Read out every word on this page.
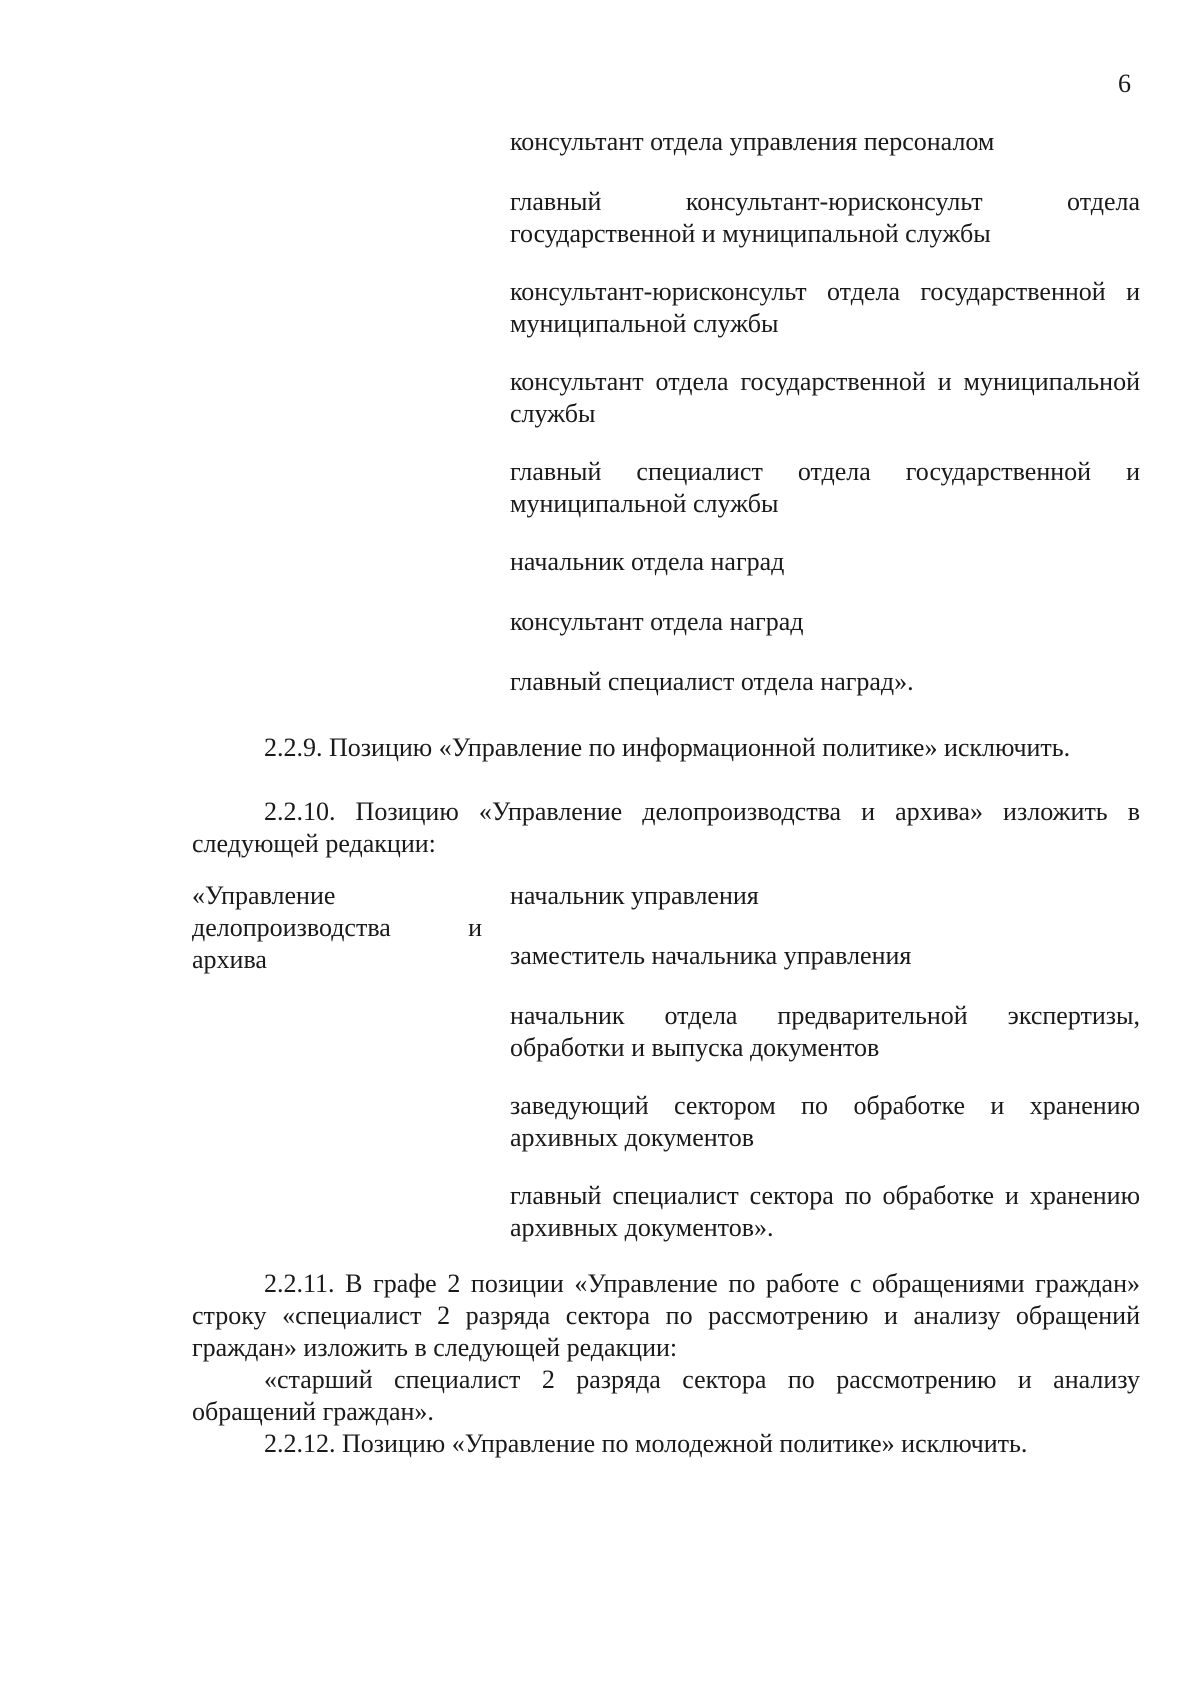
6
консультант отдела управления персоналом
главный консультант-юрисконсульт отдела государственной и муниципальной службы
консультант-юрисконсульт отдела государственной и муниципальной службы
консультант отдела государственной и муниципальной службы
главный специалист отдела государственной и муниципальной службы
начальник отдела наград
консультант отдела наград
главный специалист отдела наград».
2.2.9. Позицию «Управление по информационной политике» исключить.
2.2.10. Позицию «Управление делопроизводства и архива» изложить в следующей редакции:
«Управление делопроизводства и архива
начальник управления
заместитель начальника управления
начальник отдела предварительной экспертизы, обработки и выпуска документов
заведующий сектором по обработке и хранению архивных документов
главный специалист сектора по обработке и хранению архивных документов».
2.2.11. В графе 2 позиции «Управление по работе с обращениями граждан» строку «специалист 2 разряда сектора по рассмотрению и анализу обращений граждан» изложить в следующей редакции:
«старший специалист 2 разряда сектора по рассмотрению и анализу обращений граждан».
2.2.12. Позицию «Управление по молодежной политике» исключить.
